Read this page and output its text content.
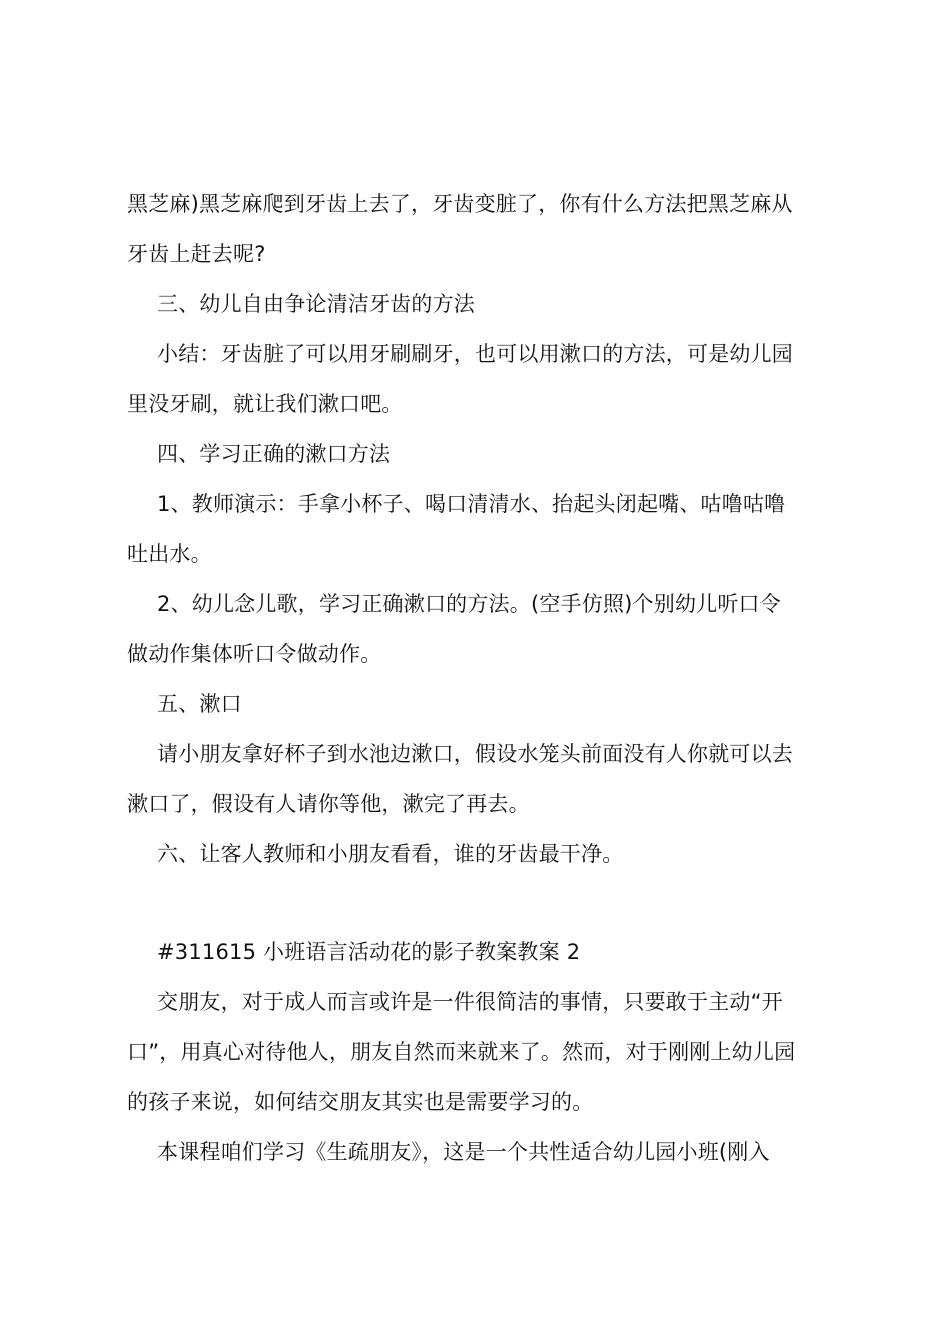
黑芝麻)黑芝麻爬到牙齿上去了，牙齿变脏了，你有什么方法把黑芝麻从
牙齿上赶去呢?
三、幼儿自由争论清洁牙齿的方法
小结：牙齿脏了可以用牙刷刷牙，也可以用漱口的方法，可是幼儿园
里没牙刷，就让我们漱口吧。
四、学习正确的漱口方法
1、教师演示：手拿小杯子、喝口清清水、抬起头闭起嘴、咕噜咕噜
吐出水。
2、幼儿念儿歌，学习正确漱口的方法。(空手仿照)个别幼儿听口令
做动作集体听口令做动作。
五、漱口
请小朋友拿好杯子到水池边漱口，假设水笼头前面没有人你就可以去
漱口了，假设有人请你等他，漱完了再去。
六、让客人教师和小朋友看看，谁的牙齿最干净。
#311615 小班语言活动花的影子教案教案 2
交朋友，对于成人而言或许是一件很简洁的事情，只要敢于主动“开
口”，用真心对待他人，朋友自然而来就来了。然而，对于刚刚上幼儿园
的孩子来说，如何结交朋友其实也是需要学习的。
本课程咱们学习《生疏朋友》，这是一个共性适合幼儿园小班(刚入
